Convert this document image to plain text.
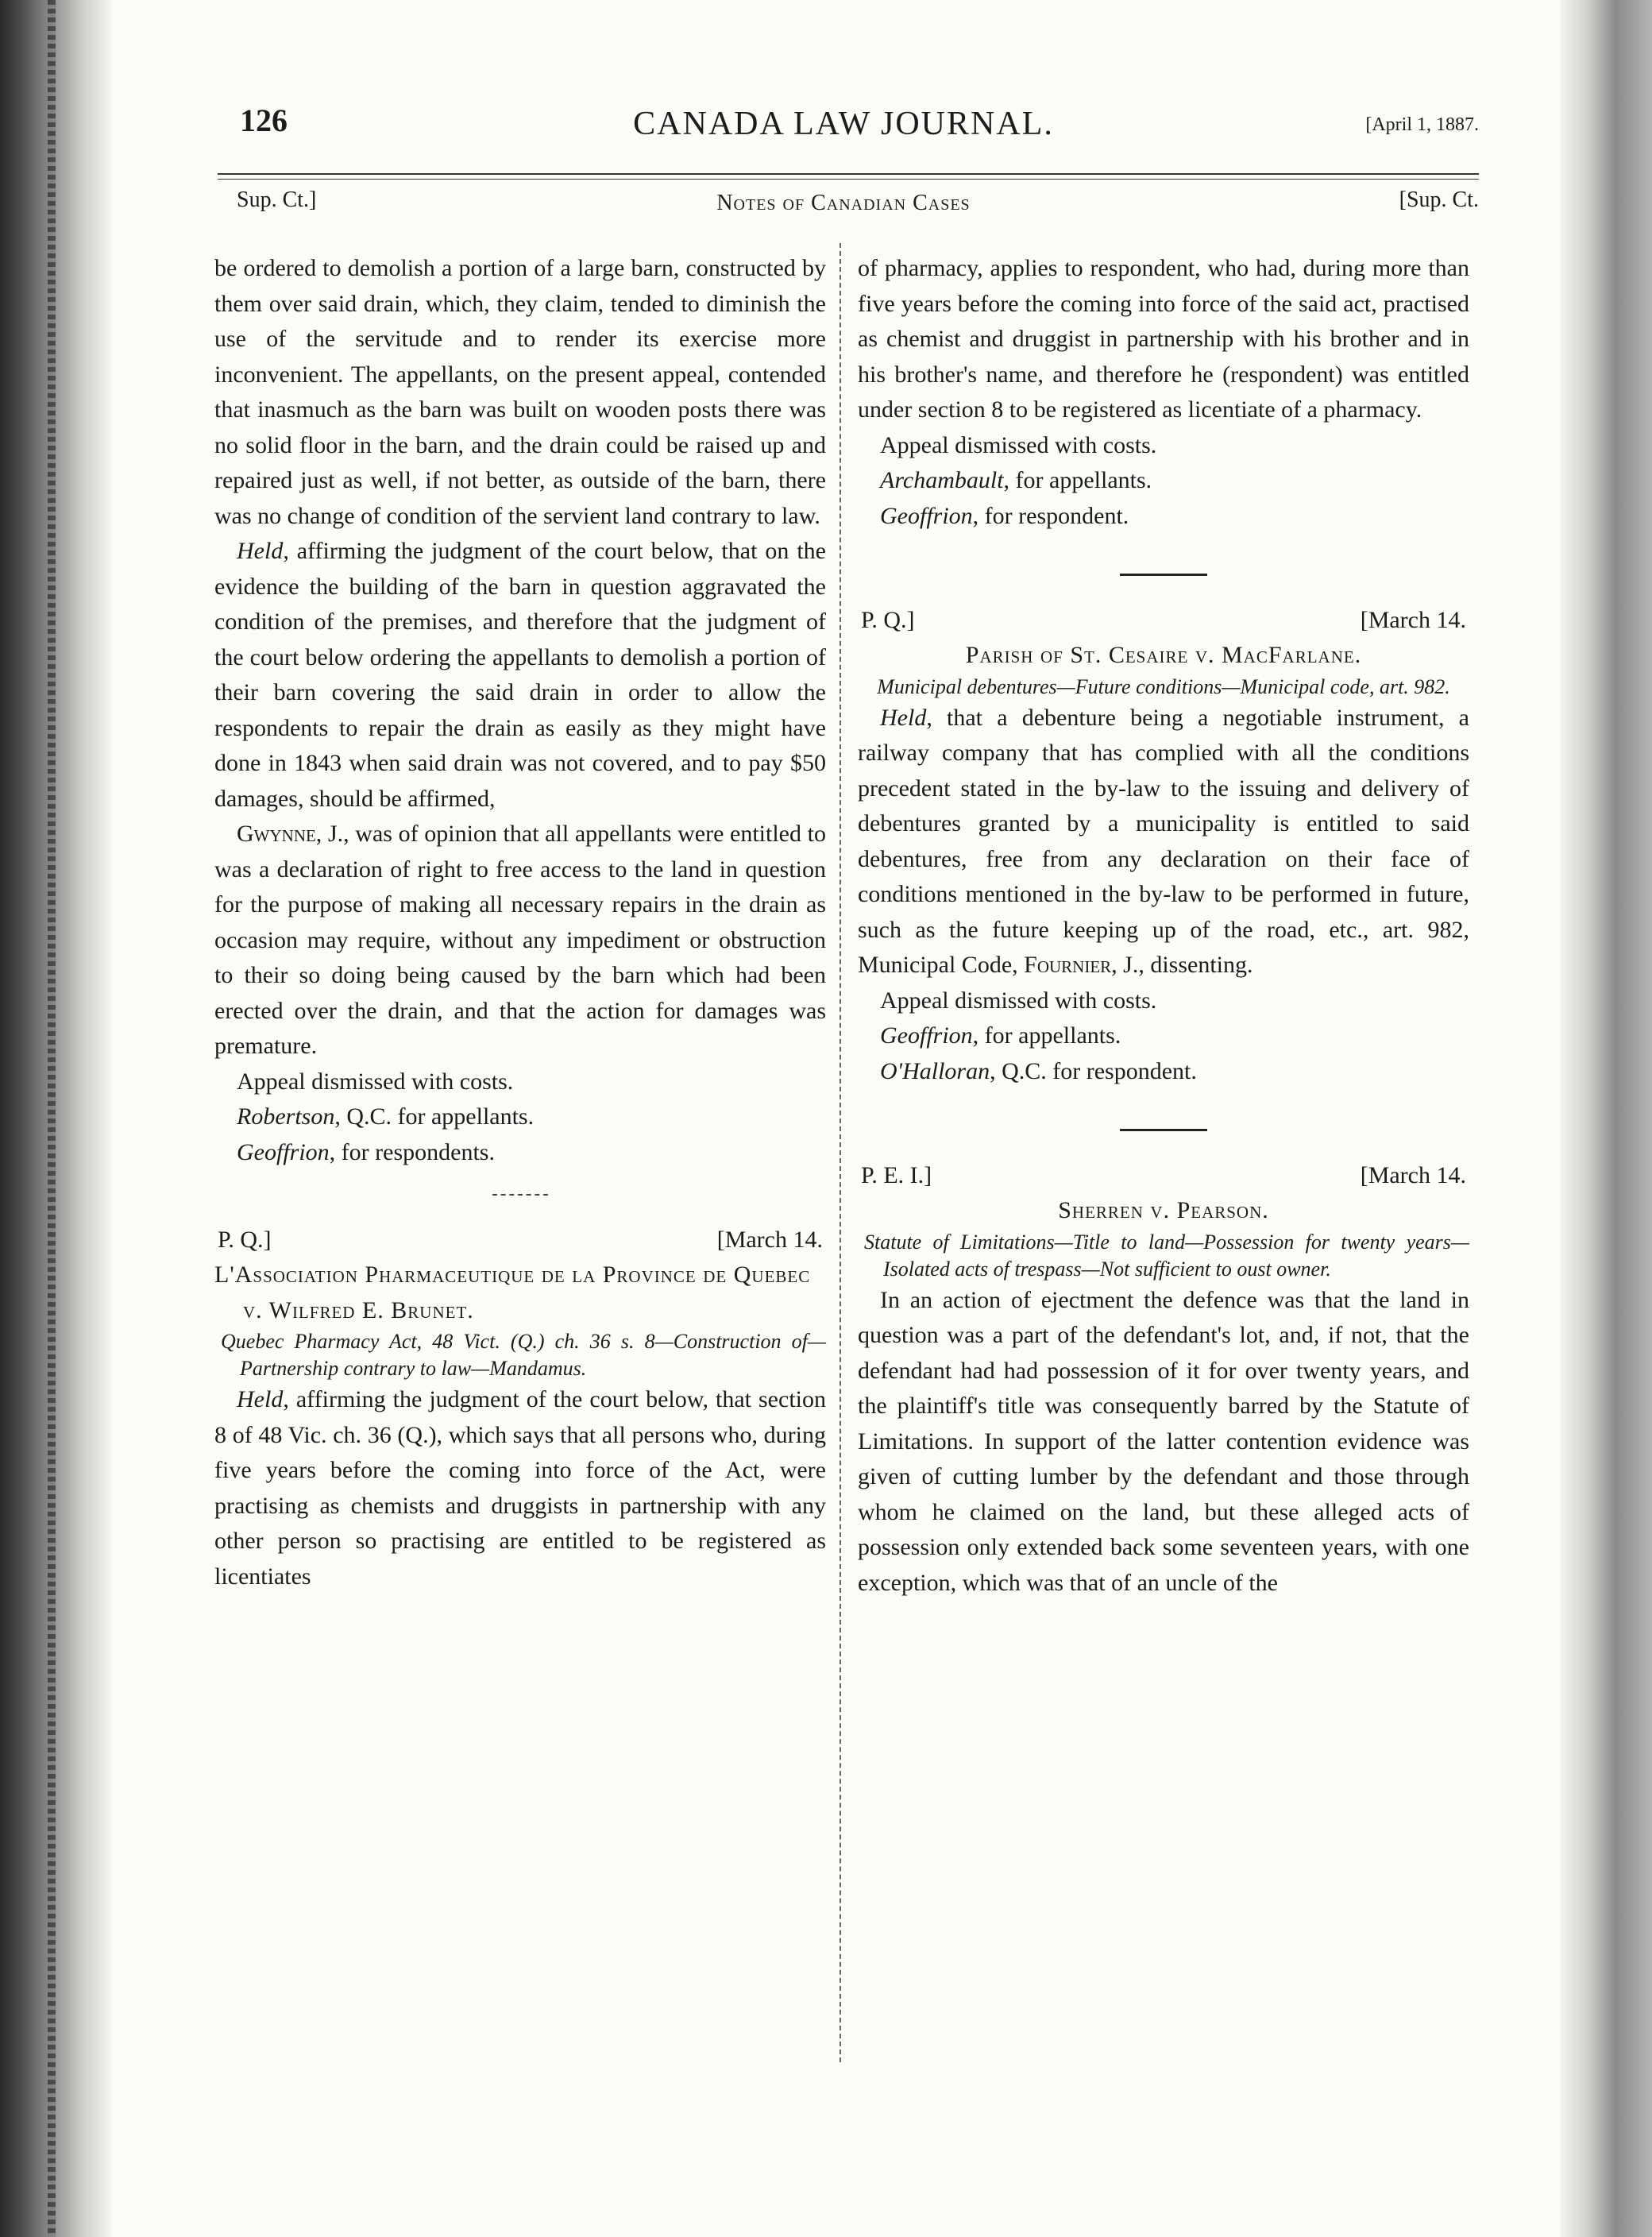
126	CANADA LAW JOURNAL.	[April 1, 1887.
Sup. Ct.]	Notes of Canadian Cases	[Sup. Ct.

be ordered to demolish a portion of a large barn, constructed by them over said drain, which, they claim, tended to diminish the use of the servitude and to render its exercise more inconvenient. The appellants, on the present appeal, contended that inasmuch as the barn was built on wooden posts there was no solid floor in the barn, and the drain could be raised up and repaired just as well, if not better, as outside of the barn, there was no change of condition of the servient land contrary to law.

Held, affirming the judgment of the court below, that on the evidence the building of the barn in question aggravated the condition of the premises, and therefore that the judgment of the court below ordering the appellants to demolish a portion of their barn covering the said drain in order to allow the respondents to repair the drain as easily as they might have done in 1843 when said drain was not covered, and to pay $50 damages, should be affirmed,

Gwynne, J., was of opinion that all appellants were entitled to was a declaration of right to free access to the land in question for the purpose of making all necessary repairs in the drain as occasion may require, without any impediment or obstruction to their so doing being caused by the barn which had been erected over the drain, and that the action for damages was premature.

Appeal dismissed with costs.

Robertson, Q.C. for appellants.

Geoffrion, for respondents.

P. Q.]	[March 14.

L'Association Pharmaceutique de la Province de Quebec v. Wilfred E. Brunet.

Quebec Pharmacy Act, 48 Vict. (Q.) ch. 36 s. 8—Construction of—Partnership contrary to law—Mandamus.

Held, affirming the judgment of the court below, that section 8 of 48 Vic. ch. 36 (Q.), which says that all persons who, during five years before the coming into force of the Act, were practising as chemists and druggists in partnership with any other person so practising are entitled to be registered as licentiates

of pharmacy, applies to respondent, who had, during more than five years before the coming into force of the said act, practised as chemist and druggist in partnership with his brother and in his brother's name, and therefore he (respondent) was entitled under section 8 to be registered as licentiate of a pharmacy.

Appeal dismissed with costs.

Archambault, for appellants.

Geoffrion, for respondent.

P. Q.]	[March 14.

Parish of St. Cesaire v. MacFarlane.

Municipal debentures—Future conditions—Municipal code, art. 982.

Held, that a debenture being a negotiable instrument, a railway company that has complied with all the conditions precedent stated in the by-law to the issuing and delivery of debentures granted by a municipality is entitled to said debentures, free from any declaration on their face of conditions mentioned in the by-law to be performed in future, such as the future keeping up of the road, etc., art. 982, Municipal Code, Fournier, J., dissenting.

Appeal dismissed with costs.

Geoffrion, for appellants.

O'Halloran, Q.C. for respondent.

P. E. I.]	[March 14.

Sherren v. Pearson.

Statute of Limitations—Title to land—Possession for twenty years—Isolated acts of trespass—Not sufficient to oust owner.

In an action of ejectment the defence was that the land in question was a part of the defendant's lot, and, if not, that the defendant had had possession of it for over twenty years, and the plaintiff's title was consequently barred by the Statute of Limitations. In support of the latter contention evidence was given of cutting lumber by the defendant and those through whom he claimed on the land, but these alleged acts of possession only extended back some seventeen years, with one exception, which was that of an uncle of the
